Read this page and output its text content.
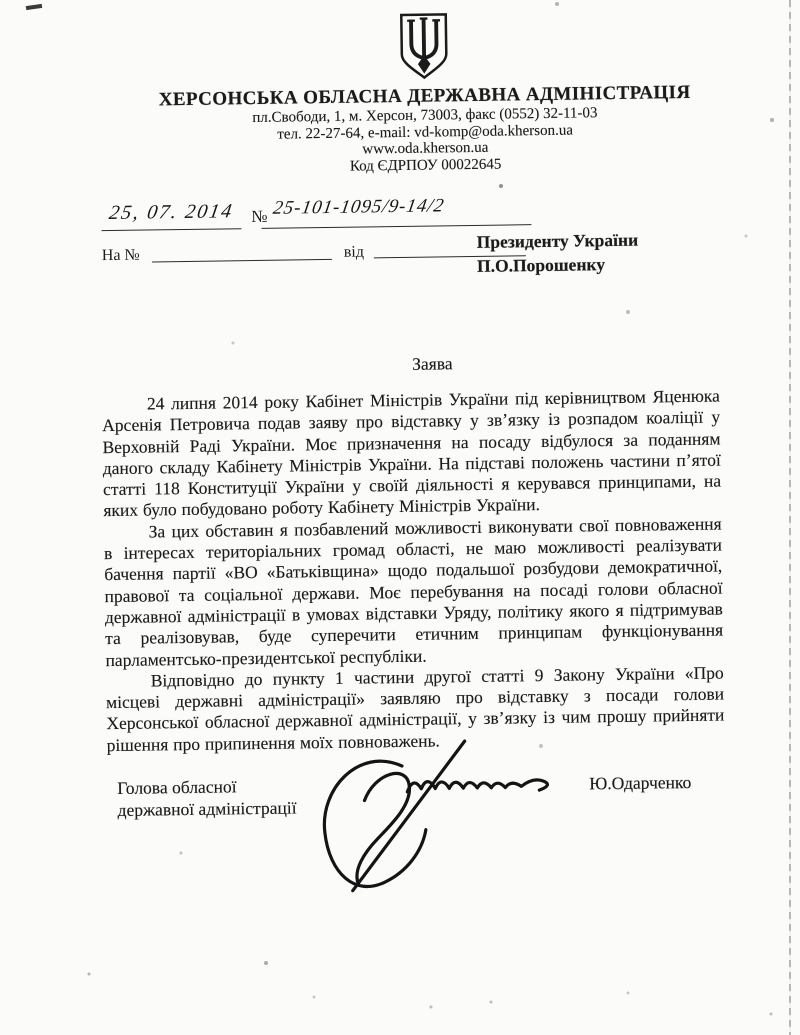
ХЕРСОНСЬКА ОБЛАСНА ДЕРЖАВНА АДМІНІСТРАЦІЯ
пл.Свободи, 1, м. Херсон, 73003, факс (0552) 32-11-03
тел. 22-27-64, e-mail: vd-komp@oda.kherson.ua
www.oda.kherson.ua
Код ЄДРПОУ 00022645
25, 07. 2014 № 25-101-1095/9-14/2
На №	від
Президенту України
П.О.Порошенку
Заява

24 липня 2014 року Кабінет Міністрів України під керівництвом Яценюка Арсенія Петровича подав заяву про відставку у зв’язку із розпадом коаліції у Верховній Раді України. Моє призначення на посаду відбулося за поданням даного складу Кабінету Міністрів України. На підставі положень частини п’ятої статті 118 Конституції України у своїй діяльності я керувався принципами, на яких було побудовано роботу Кабінету Міністрів України.

За цих обставин я позбавлений можливості виконувати свої повноваження в інтересах територіальних громад області, не маю можливості реалізувати бачення партії «ВО «Батьківщина» щодо подальшої розбудови демократичної, правової та соціальної держави. Моє перебування на посаді голови обласної державної адміністрації в умовах відставки Уряду, політику якого я підтримував та реалізовував, буде суперечити етичним принципам функціонування парламентсько-президентської республіки.

Відповідно до пункту 1 частини другої статті 9 Закону України «Про місцеві державні адміністрації» заявляю про відставку з посади голови Херсонської обласної державної адміністрації, у зв’язку із чим прошу прийняти рішення про припинення моїх повноважень.

Голова обласної
державної адміністрації
Ю.Одарченко
